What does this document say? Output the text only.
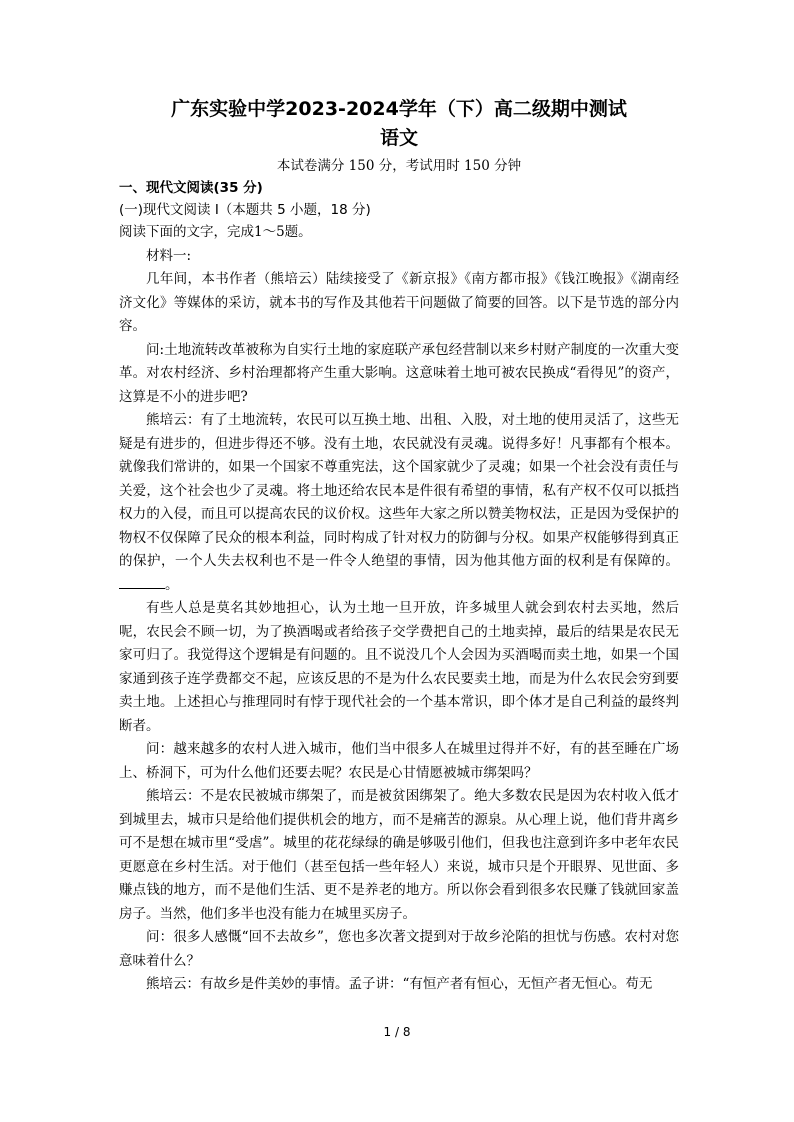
广东实验中学2023-2024学年（下）高二级期中测试
语文
本试卷满分 150 分，考试用时 150 分钟
一、现代文阅读(35 分)
(一)现代文阅读 I（本题共 5 小题，18 分)
阅读下面的文字，完成1～5题。
材料一:

几年间，本书作者（熊培云）陆续接受了《新京报》《南方都市报》《钱江晚报》《湖南经济文化》等媒体的采访，就本书的写作及其他若干问题做了简要的回答。以下是节选的部分内容。

问:土地流转改革被称为自实行土地的家庭联产承包经营制以来乡村财产制度的一次重大变革。对农村经济、乡村治理都将产生重大影响。这意味着土地可被农民换成“看得见”的资产，这算是不小的进步吧?

熊培云：有了土地流转，农民可以互换土地、出租、入股，对土地的使用灵活了，这些无疑是有进步的，但进步得还不够。没有土地，农民就没有灵魂。说得多好！凡事都有个根本。就像我们常讲的，如果一个国家不尊重宪法，这个国家就少了灵魂；如果一个社会没有责任与关爱，这个社会也少了灵魂。将土地还给农民本是件很有希望的事情，私有产权不仅可以抵挡权力的入侵，而且可以提高农民的议价权。这些年大家之所以赞美物权法，正是因为受保护的物权不仅保障了民众的根本利益，同时构成了针对权力的防御与分权。如果产权能够得到真正的保护，一个人失去权利也不是一件令人绝望的事情，因为他其他方面的权利是有保障的。。

有些人总是莫名其妙地担心，认为土地一旦开放，许多城里人就会到农村去买地，然后呢，农民会不顾一切，为了换酒喝或者给孩子交学费把自己的土地卖掉，最后的结果是农民无家可归了。我觉得这个逻辑是有问题的。且不说没几个人会因为买酒喝而卖土地，如果一个国家通到孩子连学费都交不起，应该反思的不是为什么农民要卖土地，而是为什么农民会穷到要卖土地。上述担心与推理同时有悖于现代社会的一个基本常识，即个体才是自己利益的最终判断者。

问：越来越多的农村人进入城市，他们当中很多人在城里过得并不好，有的甚至睡在广场上、桥洞下，可为什么他们还要去呢？农民是心甘情愿被城市绑架吗？

熊培云：不是农民被城市绑架了，而是被贫困绑架了。绝大多数农民是因为农村收入低才到城里去，城市只是给他们提供机会的地方，而不是痛苦的源泉。从心理上说，他们背井离乡可不是想在城市里“受虐”。城里的花花绿绿的确是够吸引他们，但我也注意到许多中老年农民更愿意在乡村生活。对于他们（甚至包括一些年轻人）来说，城市只是个开眼界、见世面、多赚点钱的地方，而不是他们生活、更不是养老的地方。所以你会看到很多农民赚了钱就回家盖房子。当然，他们多半也没有能力在城里买房子。

问：很多人感慨“回不去故乡”，您也多次著文提到对于故乡沦陷的担忧与伤感。农村对您意味着什么？

熊培云：有故乡是件美妙的事情。孟子讲：“有恒产者有恒心，无恒产者无恒心。苟无

1 / 8
